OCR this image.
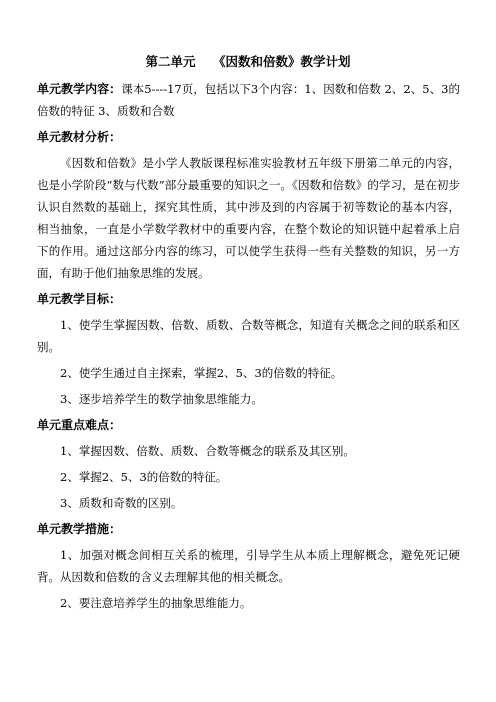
第二单元    《因数和倍数》教学计划

单元教学内容：课本5----17页，包括以下3个内容：1、因数和倍数 2、2、5、3的倍数的特征 3、质数和合数

单元教材分析：

《因数和倍数》是小学人教版课程标准实验教材五年级下册第二单元的内容，也是小学阶段“数与代数”部分最重要的知识之一。《因数和倍数》的学习，是在初步认识自然数的基础上，探究其性质，其中涉及到的内容属于初等数论的基本内容，相当抽象，一直是小学数学教材中的重要内容，在整个数论的知识链中起着承上启下的作用。通过这部分内容的练习，可以使学生获得一些有关整数的知识，另一方面，有助于他们抽象思维的发展。

单元教学目标：

1、使学生掌握因数、倍数、质数、合数等概念，知道有关概念之间的联系和区别。

2、使学生通过自主探索，掌握2、5、3的倍数的特征。

3、逐步培养学生的数学抽象思维能力。

单元重点难点：

1、掌握因数、倍数、质数、合数等概念的联系及其区别。

2、掌握2、5、3的倍数的特征。

3、质数和奇数的区别。

单元教学措施：

1、加强对概念间相互关系的梳理，引导学生从本质上理解概念，避免死记硬背。从因数和倍数的含义去理解其他的相关概念。

2、要注意培养学生的抽象思维能力。
